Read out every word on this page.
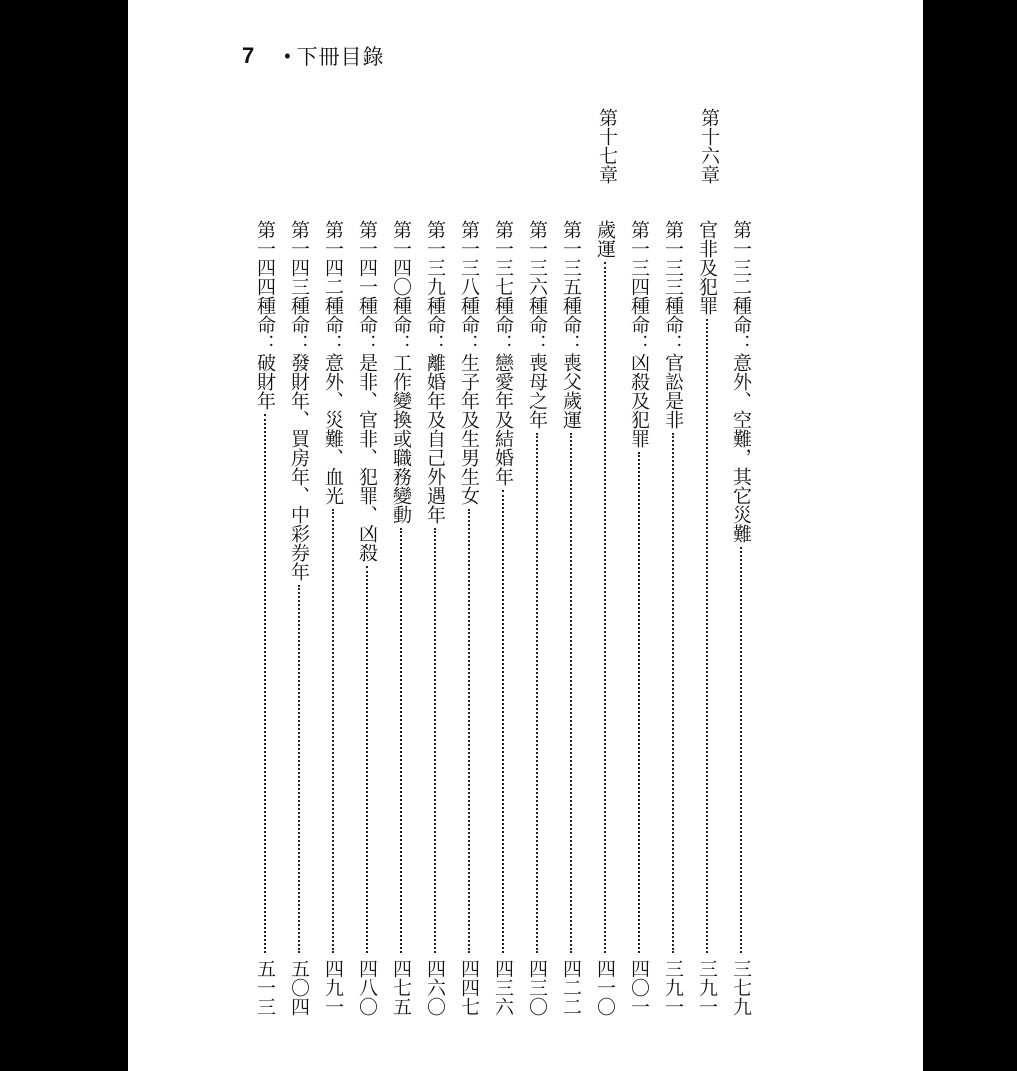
7 • 下冊目錄
第十六章
第十七章
第一三二種命：意外、空難，其它災難
三七九
官非及犯罪
三九一
第一三三種命：官訟是非
三九一
第一三四種命：凶殺及犯罪
四〇一
歲運
四一〇
第一三五種命：喪父歲運
四二二
第一三六種命：喪母之年
四三〇
第一三七種命：戀愛年及結婚年
四三六
第一三八種命：生子年及生男生女
四四七
第一三九種命：離婚年及自己外遇年
四六〇
第一四〇種命：工作變換或職務變動
四七五
第一四一種命：是非、官非、犯罪、凶殺
四八〇
第一四二種命：意外、災難、血光
四九一
第一四三種命：發財年、買房年、中彩券年
五〇四
第一四四種命：破財年
五一三
